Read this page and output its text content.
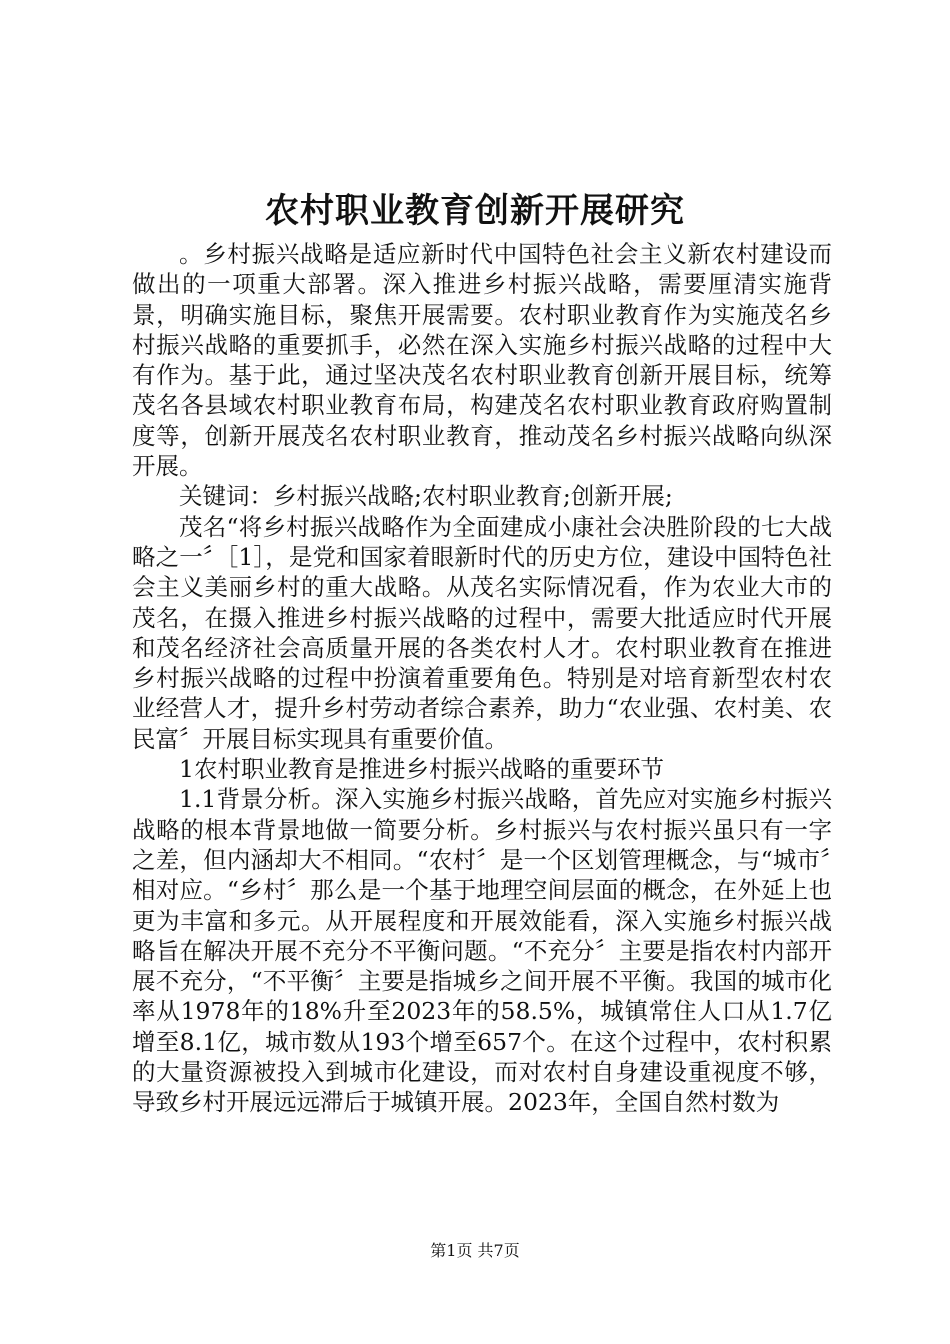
农村职业教育创新开展研究

。乡村振兴战略是适应新时代中国特色社会主义新农村建设而做出的一项重大部署。深入推进乡村振兴战略，需要厘清实施背景，明确实施目标，聚焦开展需要。农村职业教育作为实施茂名乡村振兴战略的重要抓手，必然在深入实施乡村振兴战略的过程中大有作为。基于此，通过坚决茂名农村职业教育创新开展目标，统筹茂名各县域农村职业教育布局，构建茂名农村职业教育政府购置制度等，创新开展茂名农村职业教育，推动茂名乡村振兴战略向纵深开展。

关键词：乡村振兴战略;农村职业教育;创新开展;

茂名“将乡村振兴战略作为全面建成小康社会决胜阶段的七大战略之一〞［1］，是党和国家着眼新时代的历史方位，建设中国特色社会主义美丽乡村的重大战略。从茂名实际情况看，作为农业大市的茂名，在摄入推进乡村振兴战略的过程中，需要大批适应时代开展和茂名经济社会高质量开展的各类农村人才。农村职业教育在推进乡村振兴战略的过程中扮演着重要角色。特别是对培育新型农村农业经营人才，提升乡村劳动者综合素养，助力“农业强、农村美、农民富〞开展目标实现具有重要价值。

1农村职业教育是推进乡村振兴战略的重要环节

1.1背景分析。深入实施乡村振兴战略，首先应对实施乡村振兴战略的根本背景地做一简要分析。乡村振兴与农村振兴虽只有一字之差，但内涵却大不相同。“农村〞是一个区划管理概念，与“城市〞相对应。“乡村〞那么是一个基于地理空间层面的概念，在外延上也更为丰富和多元。从开展程度和开展效能看，深入实施乡村振兴战略旨在解决开展不充分不平衡问题。“不充分〞主要是指农村内部开展不充分，“不平衡〞主要是指城乡之间开展不平衡。我国的城市化率从1978年的18%升至2023年的58.5%，城镇常住人口从1.7亿增至8.1亿，城市数从193个增至657个。在这个过程中，农村积累的大量资源被投入到城市化建设，而对农村自身建设重视度不够，导致乡村开展远远滞后于城镇开展。2023年，全国自然村数为

第1页 共7页
